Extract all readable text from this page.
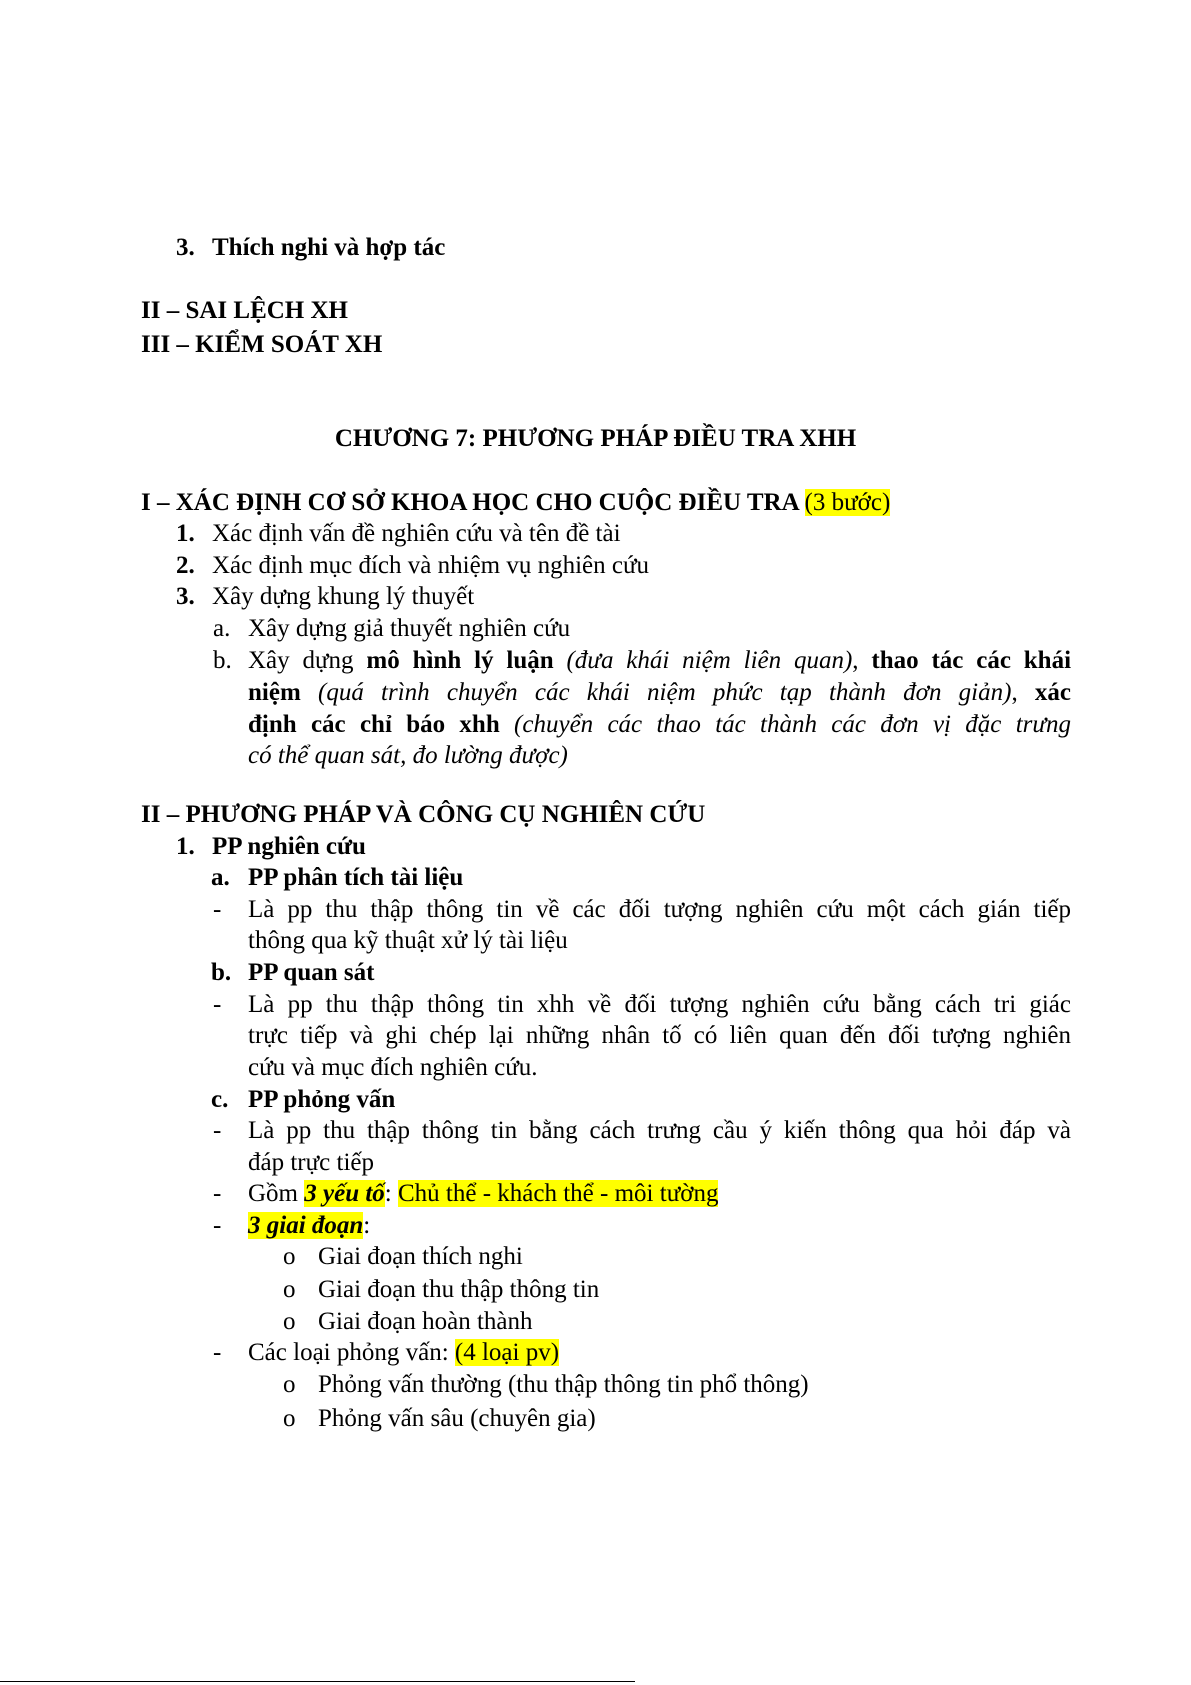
3. Thích nghi và hợp tác
II – SAI LỆCH XH
III – KIỂM SOÁT XH
CHƯƠNG 7: PHƯƠNG PHÁP ĐIỀU TRA XHH
I – XÁC ĐỊNH CƠ SỞ KHOA HỌC CHO CUỘC ĐIỀU TRA (3 bước)
1. Xác định vấn đề nghiên cứu và tên đề tài
2. Xác định mục đích và nhiệm vụ nghiên cứu
3. Xây dựng khung lý thuyết
a. Xây dựng giả thuyết nghiên cứu
b. Xây dựng mô hình lý luận (đưa khái niệm liên quan), thao tác các khái
niệm (quá trình chuyển các khái niệm phức tạp thành đơn giản), xác
định các chỉ báo xhh (chuyển các thao tác thành các đơn vị đặc trưng
có thể quan sát, đo lường được)
II – PHƯƠNG PHÁP VÀ CÔNG CỤ NGHIÊN CỨU
1. PP nghiên cứu
a. PP phân tích tài liệu
- Là pp thu thập thông tin về các đối tượng nghiên cứu một cách gián tiếp
thông qua kỹ thuật xử lý tài liệu
b. PP quan sát
- Là pp thu thập thông tin xhh về đối tượng nghiên cứu bằng cách tri giác
trực tiếp và ghi chép lại những nhân tố có liên quan đến đối tượng nghiên
cứu và mục đích nghiên cứu.
c. PP phỏng vấn
- Là pp thu thập thông tin bằng cách trưng cầu ý kiến thông qua hỏi đáp và
đáp trực tiếp
- Gồm 3 yếu tố: Chủ thể - khách thể - môi tường
- 3 giai đoạn:
o Giai đoạn thích nghi
o Giai đoạn thu thập thông tin
o Giai đoạn hoàn thành
- Các loại phỏng vấn: (4 loại pv)
o Phỏng vấn thường (thu thập thông tin phổ thông)
o Phỏng vấn sâu (chuyên gia)
